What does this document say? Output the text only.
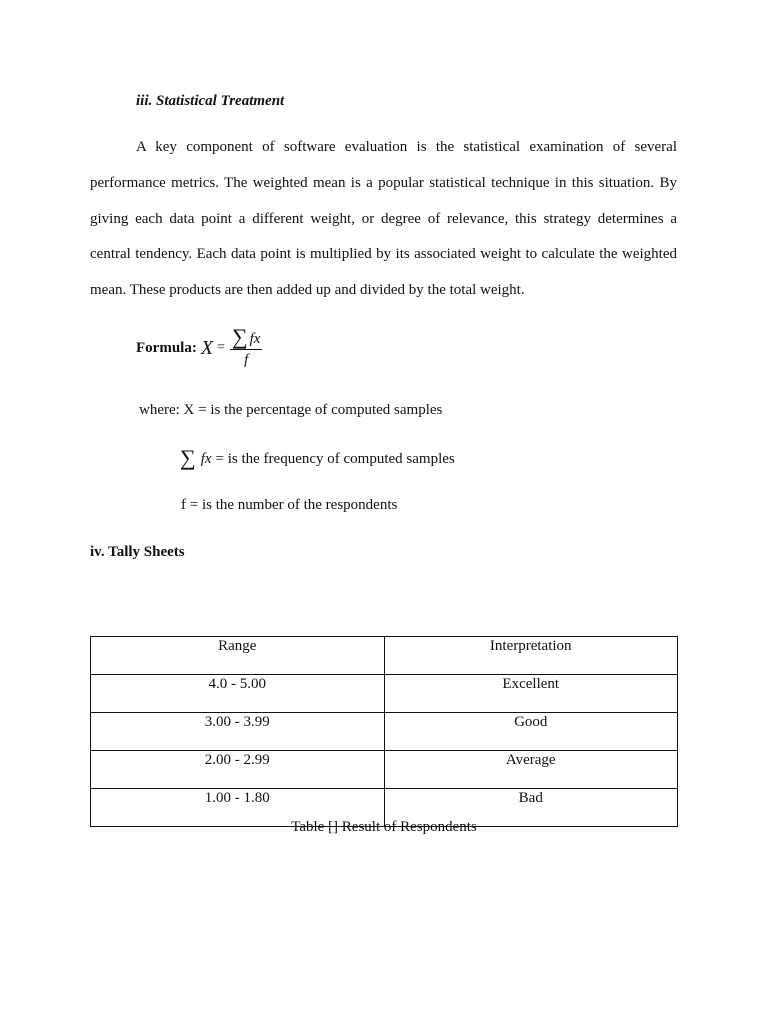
iii. Statistical Treatment
A key component of software evaluation is the statistical examination of several performance metrics. The weighted mean is a popular statistical technique in this situation. By giving each data point a different weight, or degree of relevance, this strategy determines a central tendency. Each data point is multiplied by its associated weight to calculate the weighted mean. These products are then added up and divided by the total weight.
Formula: $X = \frac{\sum fx}{f}$
where: X = is the percentage of computed samples
∑ fx = is the frequency of computed samples
f = is the number of the respondents
iv. Tally Sheets
Range	Interpretation
4.0 - 5.00	Excellent
3.00 - 3.99	Good
2.00 - 2.99	Average
1.00 - 1.80	Bad
Table [] Result of Respondents
